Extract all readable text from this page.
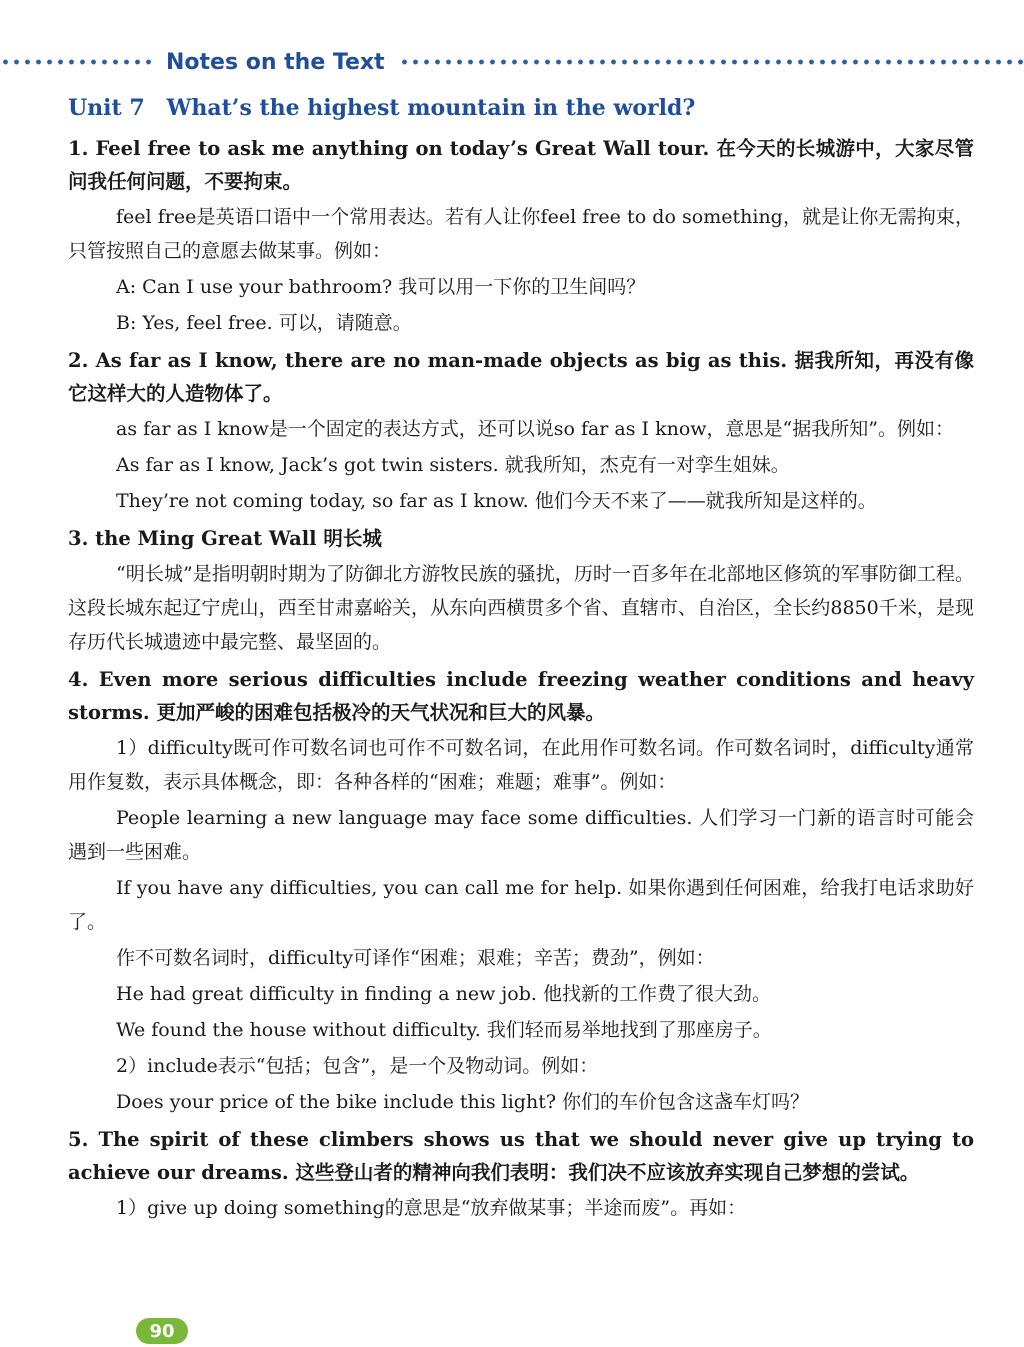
Notes on the Text
Unit 7 What’s the highest mountain in the world?

1. Feel free to ask me anything on today’s Great Wall tour. 在今天的长城游中，大家尽管问我任何问题，不要拘束。

feel free是英语口语中一个常用表达。若有人让你feel free to do something，就是让你无需拘束，只管按照自己的意愿去做某事。例如：

A: Can I use your bathroom? 我可以用一下你的卫生间吗？

B: Yes, feel free. 可以，请随意。

2. As far as I know, there are no man-made objects as big as this. 据我所知，再没有像它这样大的人造物体了。

as far as I know是一个固定的表达方式，还可以说so far as I know，意思是“据我所知”。例如：

As far as I know, Jack’s got twin sisters. 就我所知，杰克有一对孪生姐妹。

They’re not coming today, so far as I know. 他们今天不来了——就我所知是这样的。

3. the Ming Great Wall 明长城

“明长城”是指明朝时期为了防御北方游牧民族的骚扰，历时一百多年在北部地区修筑的军事防御工程。这段长城东起辽宁虎山，西至甘肃嘉峪关，从东向西横贯多个省、直辖市、自治区，全长约8850千米，是现存历代长城遗迹中最完整、最坚固的。

4. Even more serious difficulties include freezing weather conditions and heavy storms. 更加严峻的困难包括极冷的天气状况和巨大的风暴。

1）difficulty既可作可数名词也可作不可数名词，在此用作可数名词。作可数名词时，difficulty通常用作复数，表示具体概念，即：各种各样的“困难；难题；难事”。例如：

People learning a new language may face some difficulties. 人们学习一门新的语言时可能会遇到一些困难。

If you have any difficulties, you can call me for help. 如果你遇到任何困难，给我打电话求助好了。

作不可数名词时，difficulty可译作“困难；艰难；辛苦；费劲”，例如：

He had great difficulty in finding a new job. 他找新的工作费了很大劲。

We found the house without difficulty. 我们轻而易举地找到了那座房子。

2）include表示“包括；包含”，是一个及物动词。例如：

Does your price of the bike include this light? 你们的车价包含这盏车灯吗？

5. The spirit of these climbers shows us that we should never give up trying to achieve our dreams. 这些登山者的精神向我们表明：我们决不应该放弃实现自己梦想的尝试。

1）give up doing something的意思是“放弃做某事；半途而废”。再如：

90
